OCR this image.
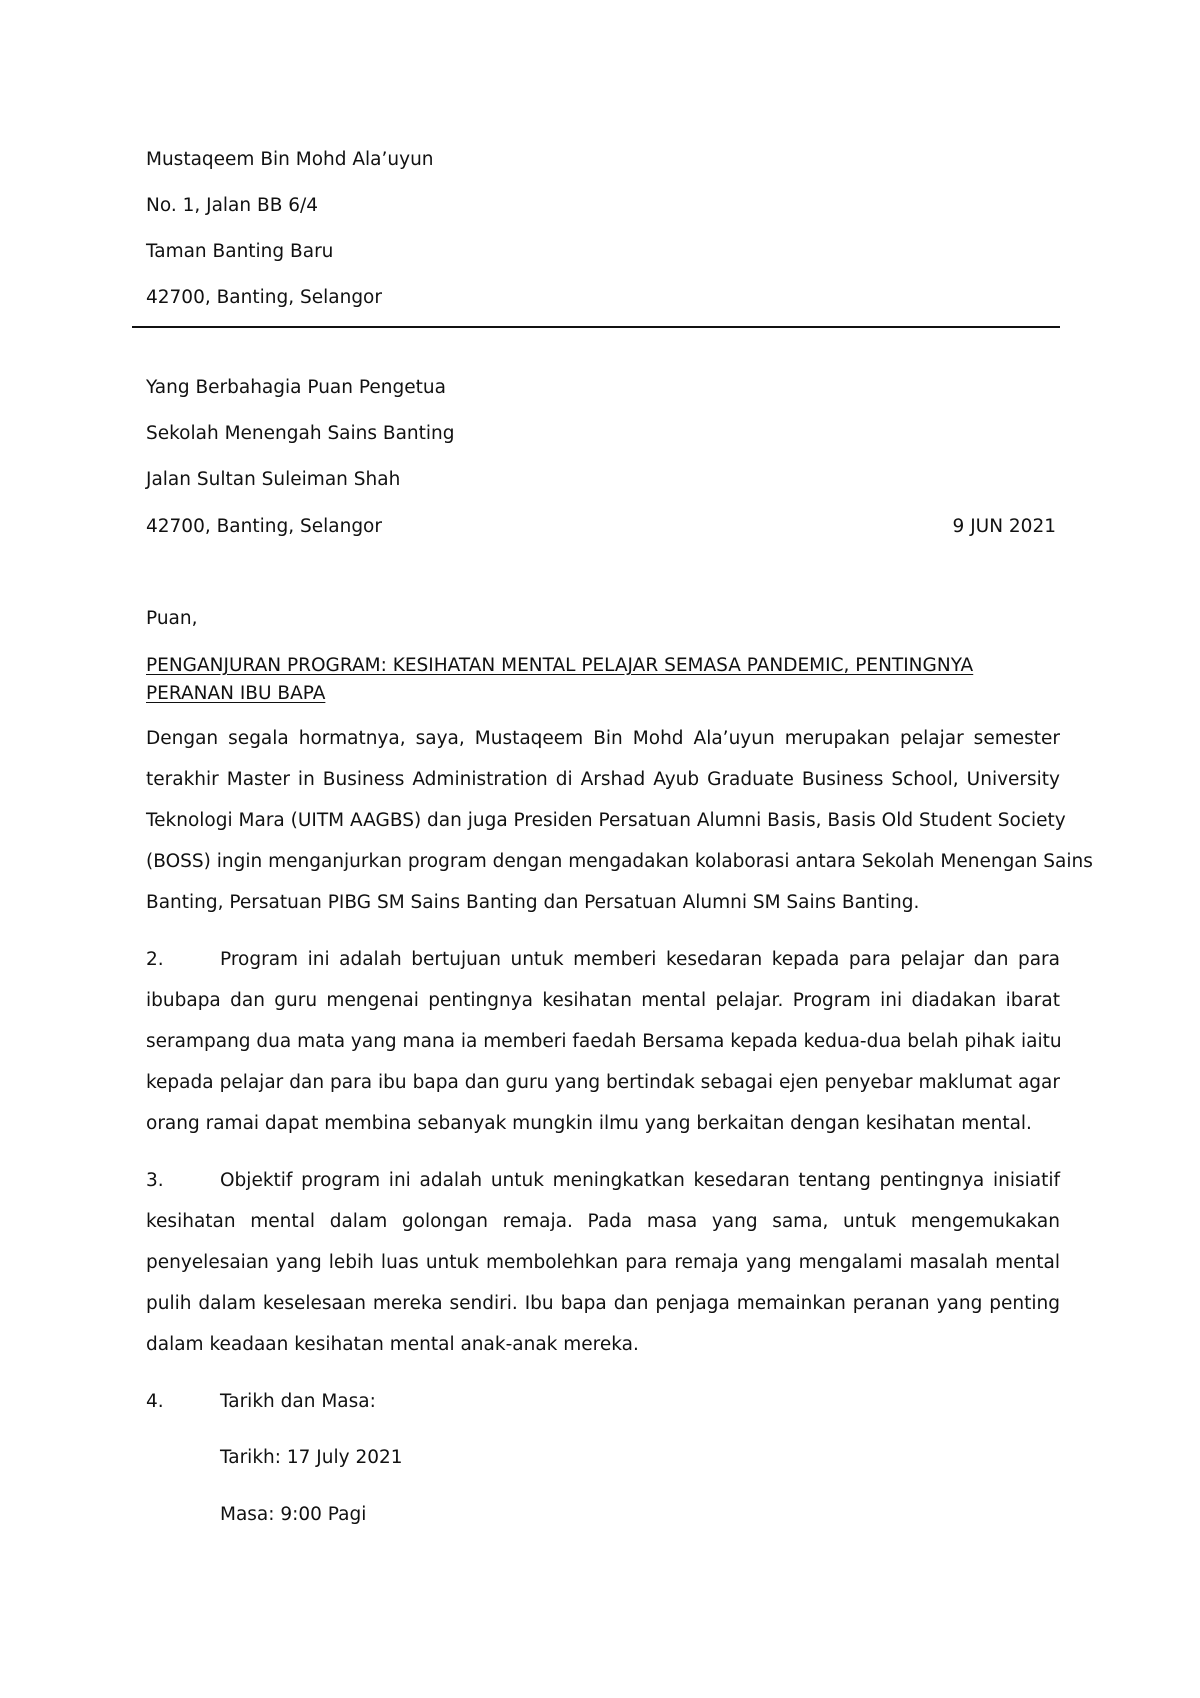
Mustaqeem Bin Mohd Ala’uyun
No. 1, Jalan BB 6/4
Taman Banting Baru
42700, Banting, Selangor
Yang Berbahagia Puan Pengetua
Sekolah Menengah Sains Banting
Jalan Sultan Suleiman Shah
42700, Banting, Selangor	9 JUN 2021
Puan,
PENGANJURAN PROGRAM: KESIHATAN MENTAL PELAJAR SEMASA PANDEMIC, PENTINGNYA
PERANAN IBU BAPA
Dengan segala hormatnya, saya, Mustaqeem Bin Mohd Ala’uyun merupakan pelajar semester
terakhir Master in Business Administration di Arshad Ayub Graduate Business School, University
Teknologi Mara (UITM AAGBS) dan juga Presiden Persatuan Alumni Basis, Basis Old Student Society
(BOSS) ingin menganjurkan program dengan mengadakan kolaborasi antara Sekolah Menengan Sains
Banting, Persatuan PIBG SM Sains Banting dan Persatuan Alumni SM Sains Banting.
2.	Program ini adalah bertujuan untuk memberi kesedaran kepada para pelajar dan para
ibubapa dan guru mengenai pentingnya kesihatan mental pelajar. Program ini diadakan ibarat
serampang dua mata yang mana ia memberi faedah Bersama kepada kedua-dua belah pihak iaitu
kepada pelajar dan para ibu bapa dan guru yang bertindak sebagai ejen penyebar maklumat agar
orang ramai dapat membina sebanyak mungkin ilmu yang berkaitan dengan kesihatan mental.
3.	Objektif program ini adalah untuk meningkatkan kesedaran tentang pentingnya inisiatif
kesihatan mental dalam golongan remaja. Pada masa yang sama, untuk mengemukakan
penyelesaian yang lebih luas untuk membolehkan para remaja yang mengalami masalah mental
pulih dalam keselesaan mereka sendiri. Ibu bapa dan penjaga memainkan peranan yang penting
dalam keadaan kesihatan mental anak-anak mereka.
4.	Tarikh dan Masa:
Tarikh: 17 July 2021
Masa: 9:00 Pagi
